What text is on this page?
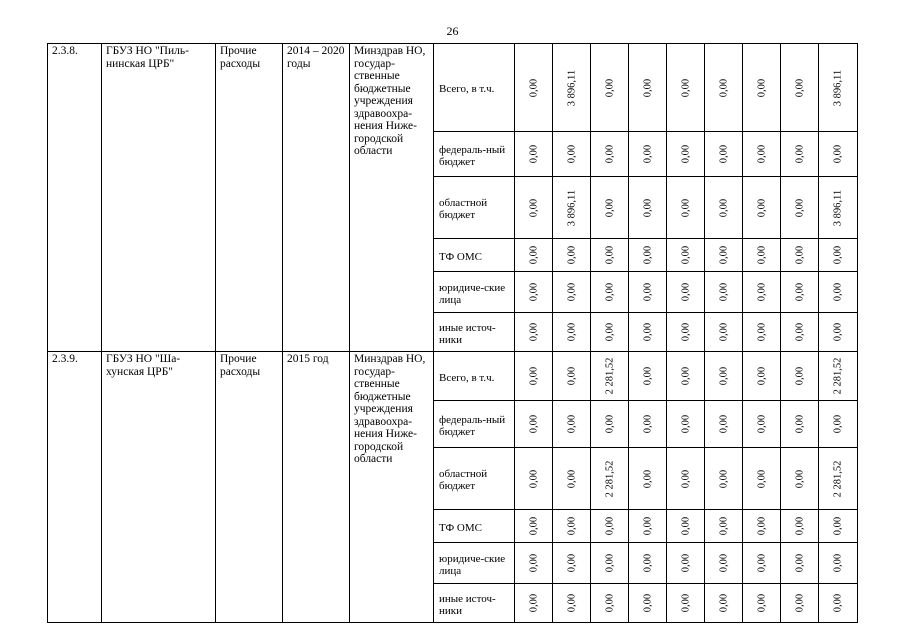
26
2.3.8.	ГБУЗ НО "Пиль-нинская ЦРБ"	Прочие расходы	2014 – 2020 годы	Минздрав НО, государ-ственные бюджетные учреждения здравоохра-нения Ниже-городской области	Всего, в т.ч.	0,00	3 896,11	0,00	0,00	0,00	0,00	0,00	0,00	3 896,11

					федераль-ный бюджет	0,00	0,00	0,00	0,00	0,00	0,00	0,00	0,00	0,00

					областной бюджет	0,00	3 896,11	0,00	0,00	0,00	0,00	0,00	0,00	3 896,11

					ТФ ОМС	0,00	0,00	0,00	0,00	0,00	0,00	0,00	0,00	0,00

					юридиче-ские лица	0,00	0,00	0,00	0,00	0,00	0,00	0,00	0,00	0,00

					иные источ-ники	0,00	0,00	0,00	0,00	0,00	0,00	0,00	0,00	0,00

2.3.9.	ГБУЗ НО "Ша-хунская ЦРБ"	Прочие расходы	2015 год	Минздрав НО, государ-ственные бюджетные учреждения здравоохра-нения Ниже-городской области	Всего, в т.ч.	0,00	0,00	2 281,52	0,00	0,00	0,00	0,00	0,00	2 281,52

					федераль-ный бюджет	0,00	0,00	0,00	0,00	0,00	0,00	0,00	0,00	0,00

					областной бюджет	0,00	0,00	2 281,52	0,00	0,00	0,00	0,00	0,00	2 281,52

					ТФ ОМС	0,00	0,00	0,00	0,00	0,00	0,00	0,00	0,00	0,00

					юридиче-ские лица	0,00	0,00	0,00	0,00	0,00	0,00	0,00	0,00	0,00

					иные источ-ники	0,00	0,00	0,00	0,00	0,00	0,00	0,00	0,00	0,00
